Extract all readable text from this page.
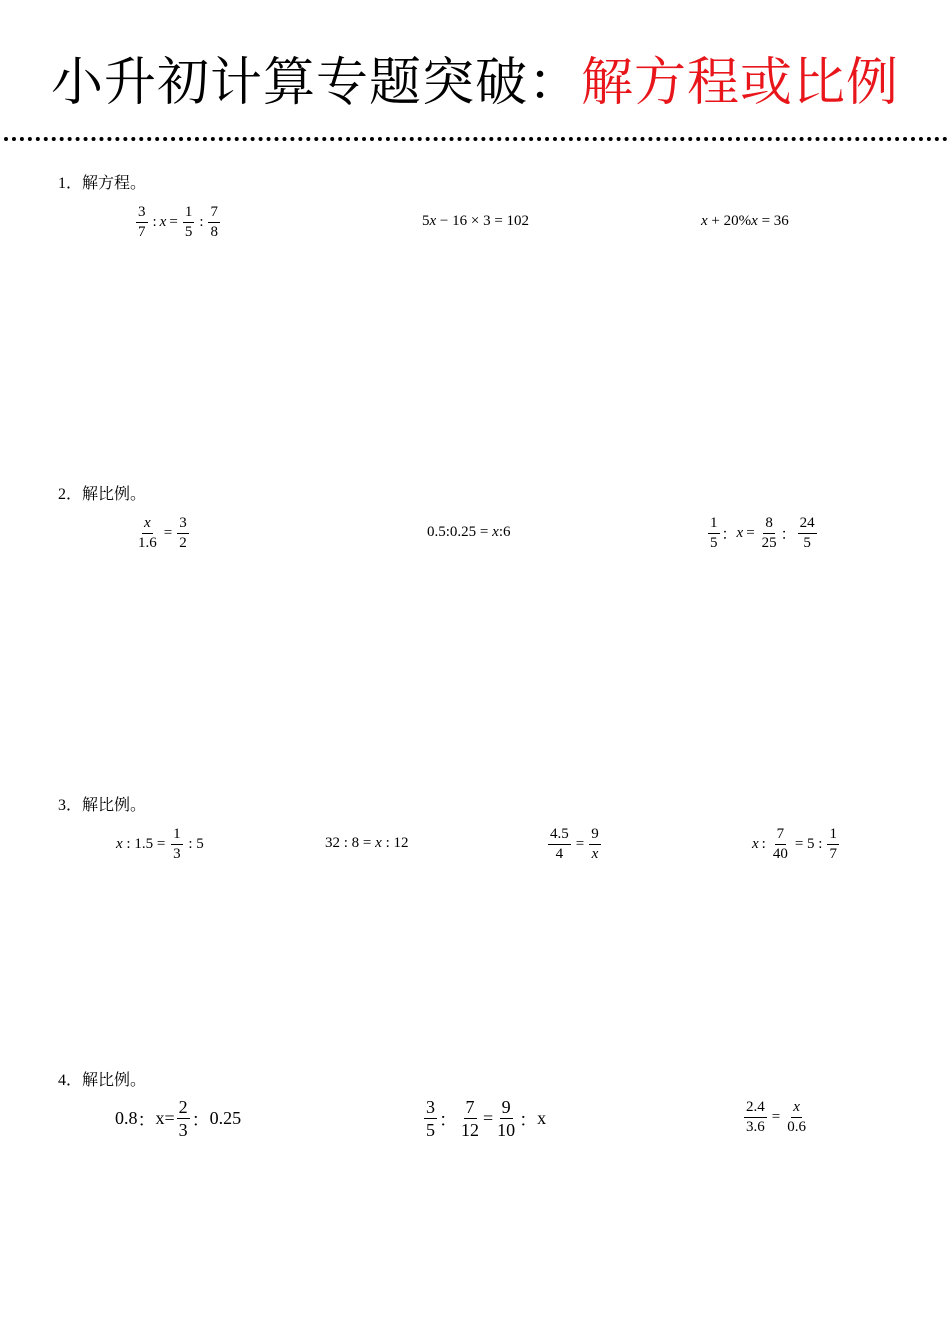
小升初计算专题突破：解方程或比例
1．解方程。
$\frac{3}{7}$ : $x = \frac{1}{5}$ : $\frac{7}{8}$	5 x − 16 × 3 = 102	x + 20% x = 36
2．解比例。
$\frac{x}{1.6} = \frac{3}{2}$	0.5:0.25 = x :6	$\frac{1}{5}$ ： $x = \frac{8}{25}$ ： $\frac{24}{5}$
3．解比例。
x : $1.5 = \frac{1}{3}$ : 5	32 : 8 = x : 12	$\frac{4.5}{4} = \frac{9}{x}$	x : $\frac{7}{40} = 5$ : $\frac{1}{7}$
4．解比例。
0.8 ： $x = \frac{2}{3}$ ： 0.25	$\frac{3}{5}$ ： $\frac{7}{12} = \frac{9}{10}$ ： x	$\frac{2.4}{3.6} = \frac{x}{0.6}$
